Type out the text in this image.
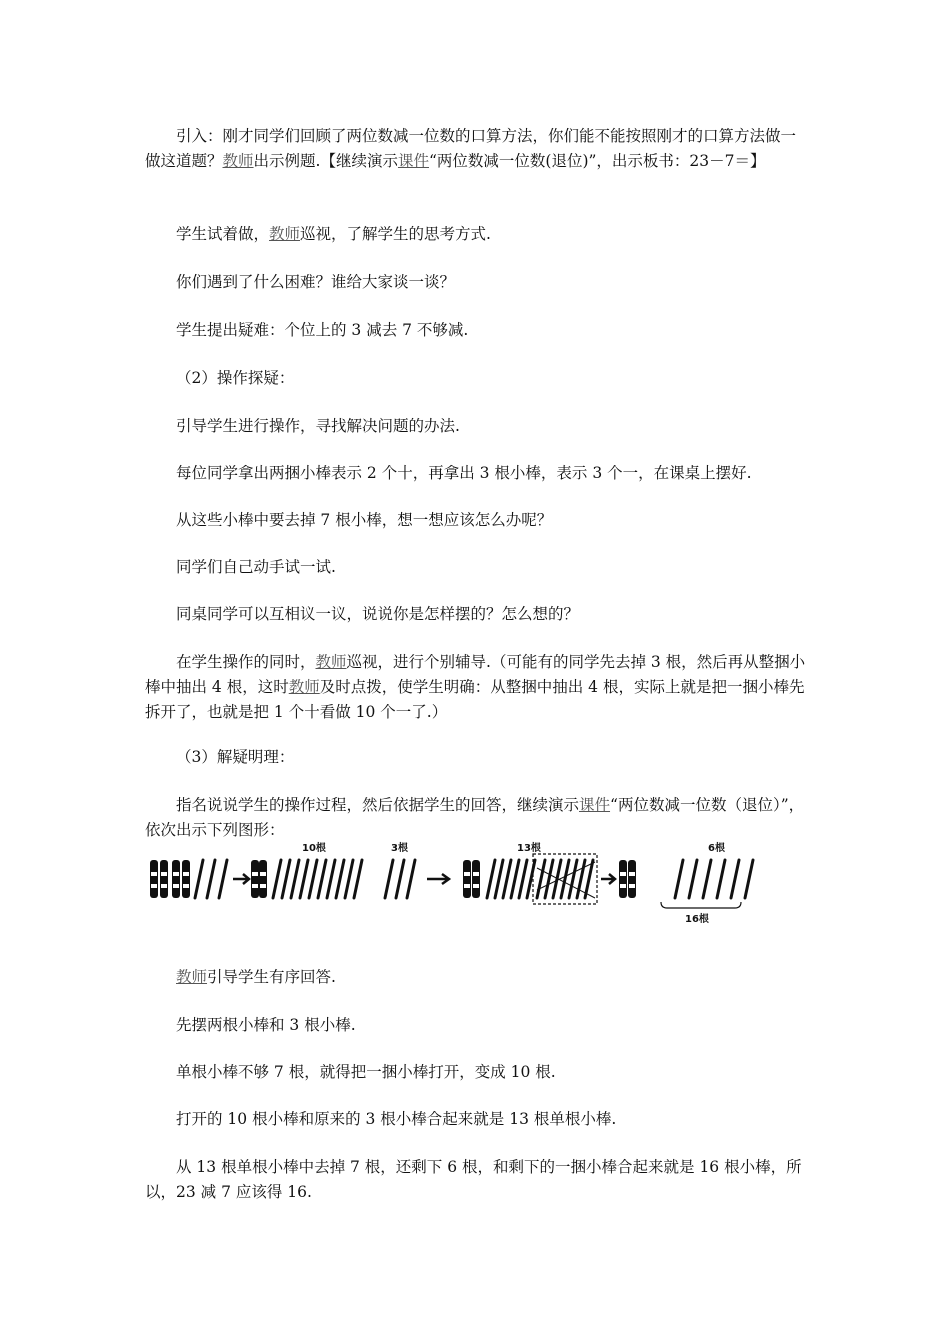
引入：刚才同学们回顾了两位数减一位数的口算方法，你们能不能按照刚才的口算方法做一做这道题？教师出示例题.【继续演示课件“两位数减一位数(退位)”，出示板书：23－7＝】

学生试着做，教师巡视，了解学生的思考方式.

你们遇到了什么困难？谁给大家谈一谈？

学生提出疑难：个位上的 3 减去 7 不够减.

（2）操作探疑：

引导学生进行操作，寻找解决问题的办法.

每位同学拿出两捆小棒表示 2 个十，再拿出 3 根小棒，表示 3 个一，在课桌上摆好.

从这些小棒中要去掉 7 根小棒，想一想应该怎么办呢？

同学们自己动手试一试.

同桌同学可以互相议一议，说说你是怎样摆的？怎么想的？

在学生操作的同时，教师巡视，进行个别辅导.（可能有的同学先去掉 3 根，然后再从整捆小棒中抽出 4 根，这时教师及时点拨，使学生明确：从整捆中抽出 4 根，实际上就是把一捆小棒先拆开了，也就是把 1 个十看做 10 个一了.）

（3）解疑明理：

指名说说学生的操作过程，然后依据学生的回答，继续演示课件“两位数减一位数（退位）”，依次出示下列图形：

10根	3根	13根	6根
16根

教师引导学生有序回答.

先摆两根小棒和 3 根小棒.

单根小棒不够 7 根，就得把一捆小棒打开，变成 10 根.

打开的 10 根小棒和原来的 3 根小棒合起来就是 13 根单根小棒.

从 13 根单根小棒中去掉 7 根，还剩下 6 根，和剩下的一捆小棒合起来就是 16 根小棒，所以，23 减 7 应该得 16.
